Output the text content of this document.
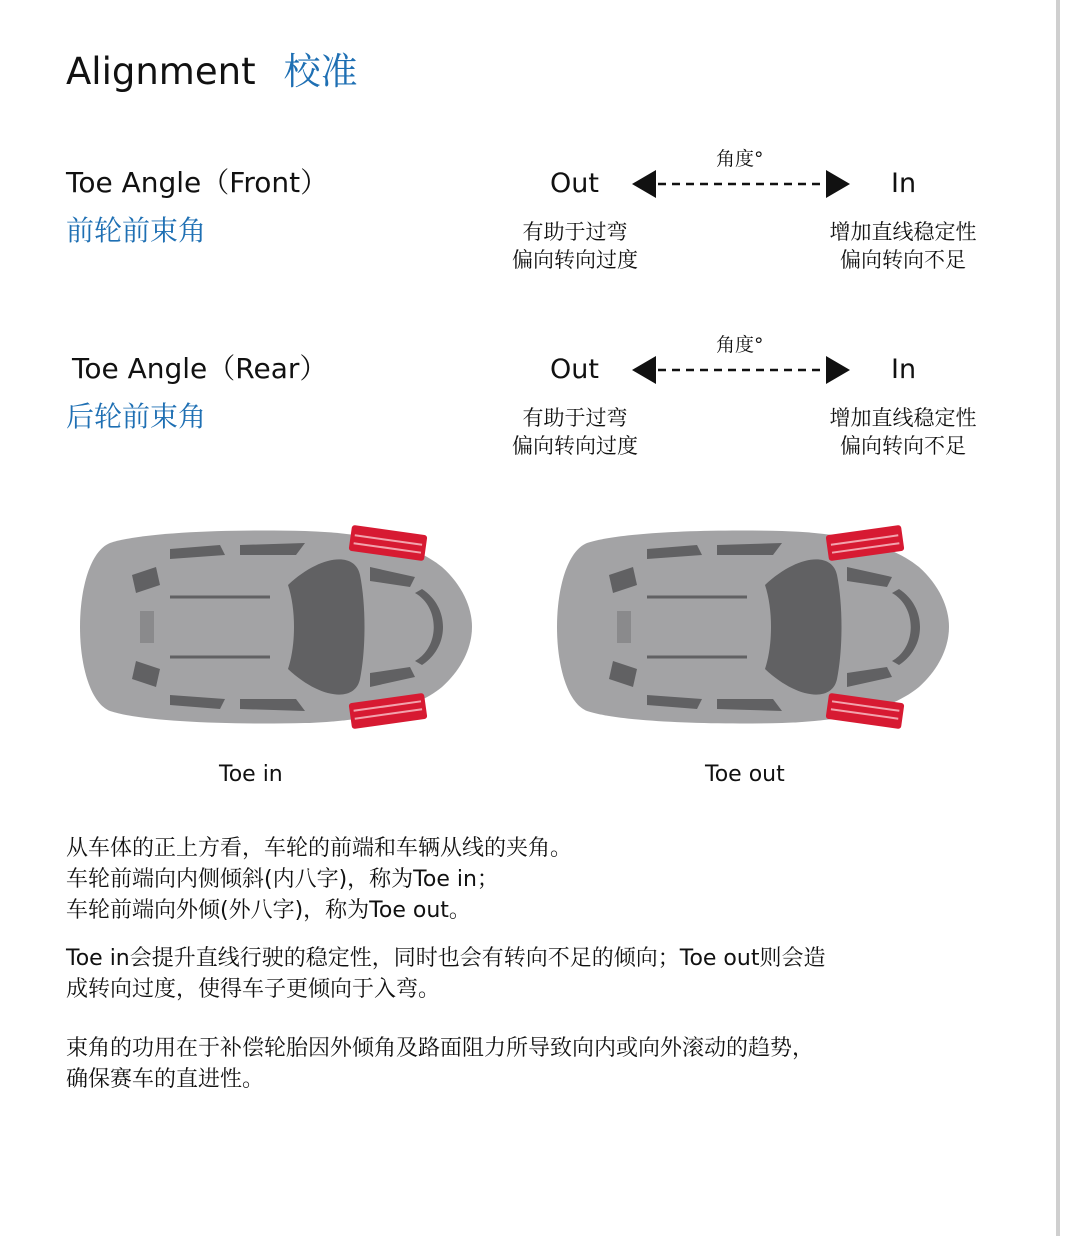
Alignment 校准
Toe Angle（Front）
前轮前束角
角度°
Out	In
有助于过弯
偏向转向过度
增加直线稳定性
偏向转向不足
Toe Angle（Rear）
后轮前束角
角度°
Out	In
有助于过弯
偏向转向过度
增加直线稳定性
偏向转向不足
Toe in	Toe out
从车体的正上方看，车轮的前端和车辆从线的夹角。
车轮前端向内侧倾斜(内八字)，称为Toe in；
车轮前端向外倾(外八字)，称为Toe out。
Toe in会提升直线行驶的稳定性，同时也会有转向不足的倾向；Toe out则会造
成转向过度，使得车子更倾向于入弯。
束角的功用在于补偿轮胎因外倾角及路面阻力所导致向内或向外滚动的趋势，
确保赛车的直进性。
